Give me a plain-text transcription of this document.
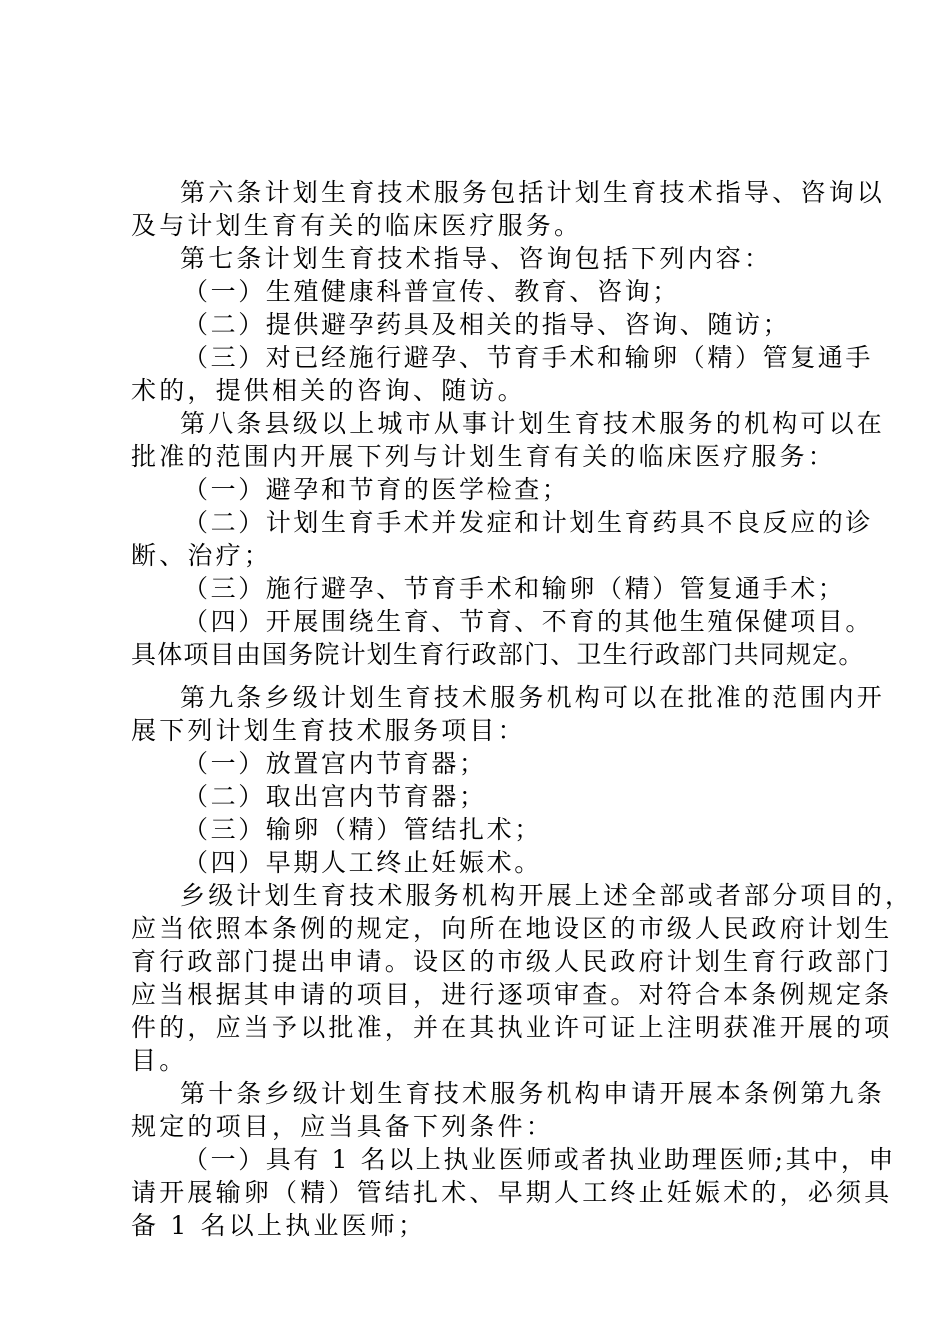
第六条计划生育技术服务包括计划生育技术指导、咨询以
及与计划生育有关的临床医疗服务。
第七条计划生育技术指导、咨询包括下列内容：
（一）生殖健康科普宣传、教育、咨询；
（二）提供避孕药具及相关的指导、咨询、随访；
（三）对已经施行避孕、节育手术和输卵（精）管复通手
术的，提供相关的咨询、随访。
第八条县级以上城市从事计划生育技术服务的机构可以在
批准的范围内开展下列与计划生育有关的临床医疗服务：
（一）避孕和节育的医学检查；
（二）计划生育手术并发症和计划生育药具不良反应的诊
断、治疗；
（三）施行避孕、节育手术和输卵（精）管复通手术；
（四）开展围绕生育、节育、不育的其他生殖保健项目。
具体项目由国务院计划生育行政部门、卫生行政部门共同规定。
第九条乡级计划生育技术服务机构可以在批准的范围内开
展下列计划生育技术服务项目：
（一）放置宫内节育器；
（二）取出宫内节育器；
（三）输卵（精）管结扎术；
（四）早期人工终止妊娠术。
乡级计划生育技术服务机构开展上述全部或者部分项目的，
应当依照本条例的规定，向所在地设区的市级人民政府计划生
育行政部门提出申请。设区的市级人民政府计划生育行政部门
应当根据其申请的项目，进行逐项审查。对符合本条例规定条
件的，应当予以批准，并在其执业许可证上注明获准开展的项
目。
第十条乡级计划生育技术服务机构申请开展本条例第九条
规定的项目，应当具备下列条件：
（一）具有 1 名以上执业医师或者执业助理医师;其中，申
请开展输卵（精）管结扎术、早期人工终止妊娠术的，必须具
备 1 名以上执业医师；
